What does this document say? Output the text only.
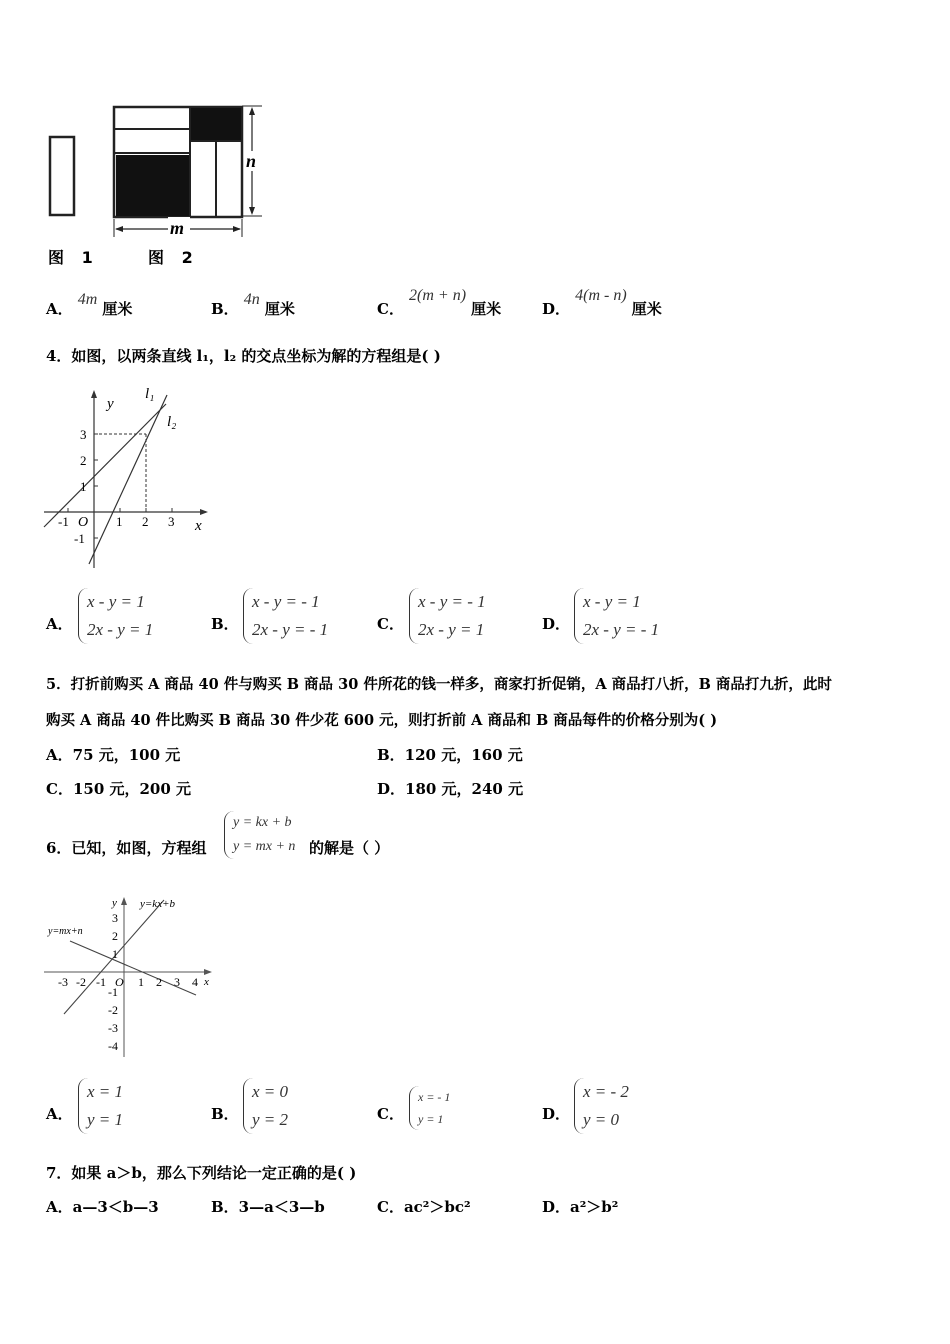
n
m
图 1	图 2
A． 4m 厘米	B． 4n 厘米	C． 2(m + n) 厘米	D． 4(m - n) 厘米
4．如图，以两条直线 l₁，l₂ 的交点坐标为解的方程组是( )
y
x
l₁
l₂
O
3
2
1
-1
-1	1 2 3
A．
x - y = 1
2x - y = 1	B．
x - y = - 1
2x - y = - 1	C．
x - y = - 1
2x - y = 1	D．
x - y = 1
2x - y = - 1
5．打折前购买 A 商品 40 件与购买 B 商品 30 件所花的钱一样多，商家打折促销，A 商品打八折，B 商品打九折，此时
购买 A 商品 40 件比购买 B 商品 30 件少花 600 元，则打折前 A 商品和 B 商品每件的价格分别为( )
A．75 元，100 元	B．120 元，160 元
C．150 元，200 元	D．180 元，240 元
6．已知，如图，方程组
y = kx + b
y = mx + n 的解是（ ）
y=kx+b
y=mx+n
x
y
O
3
2
1
-1
-2
-3
-4
-3 -2 -1	1 2 3 4
A．
x = 1
y = 1	B．
x = 0
y = 2	C．
x = - 1
y = 1	D．
x = - 2
y = 0
7．如果 a＞b，那么下列结论一定正确的是( )
A．a—3＜b—3	B．3—a＜3—b	C．ac²＞bc²	D．a²＞b²
